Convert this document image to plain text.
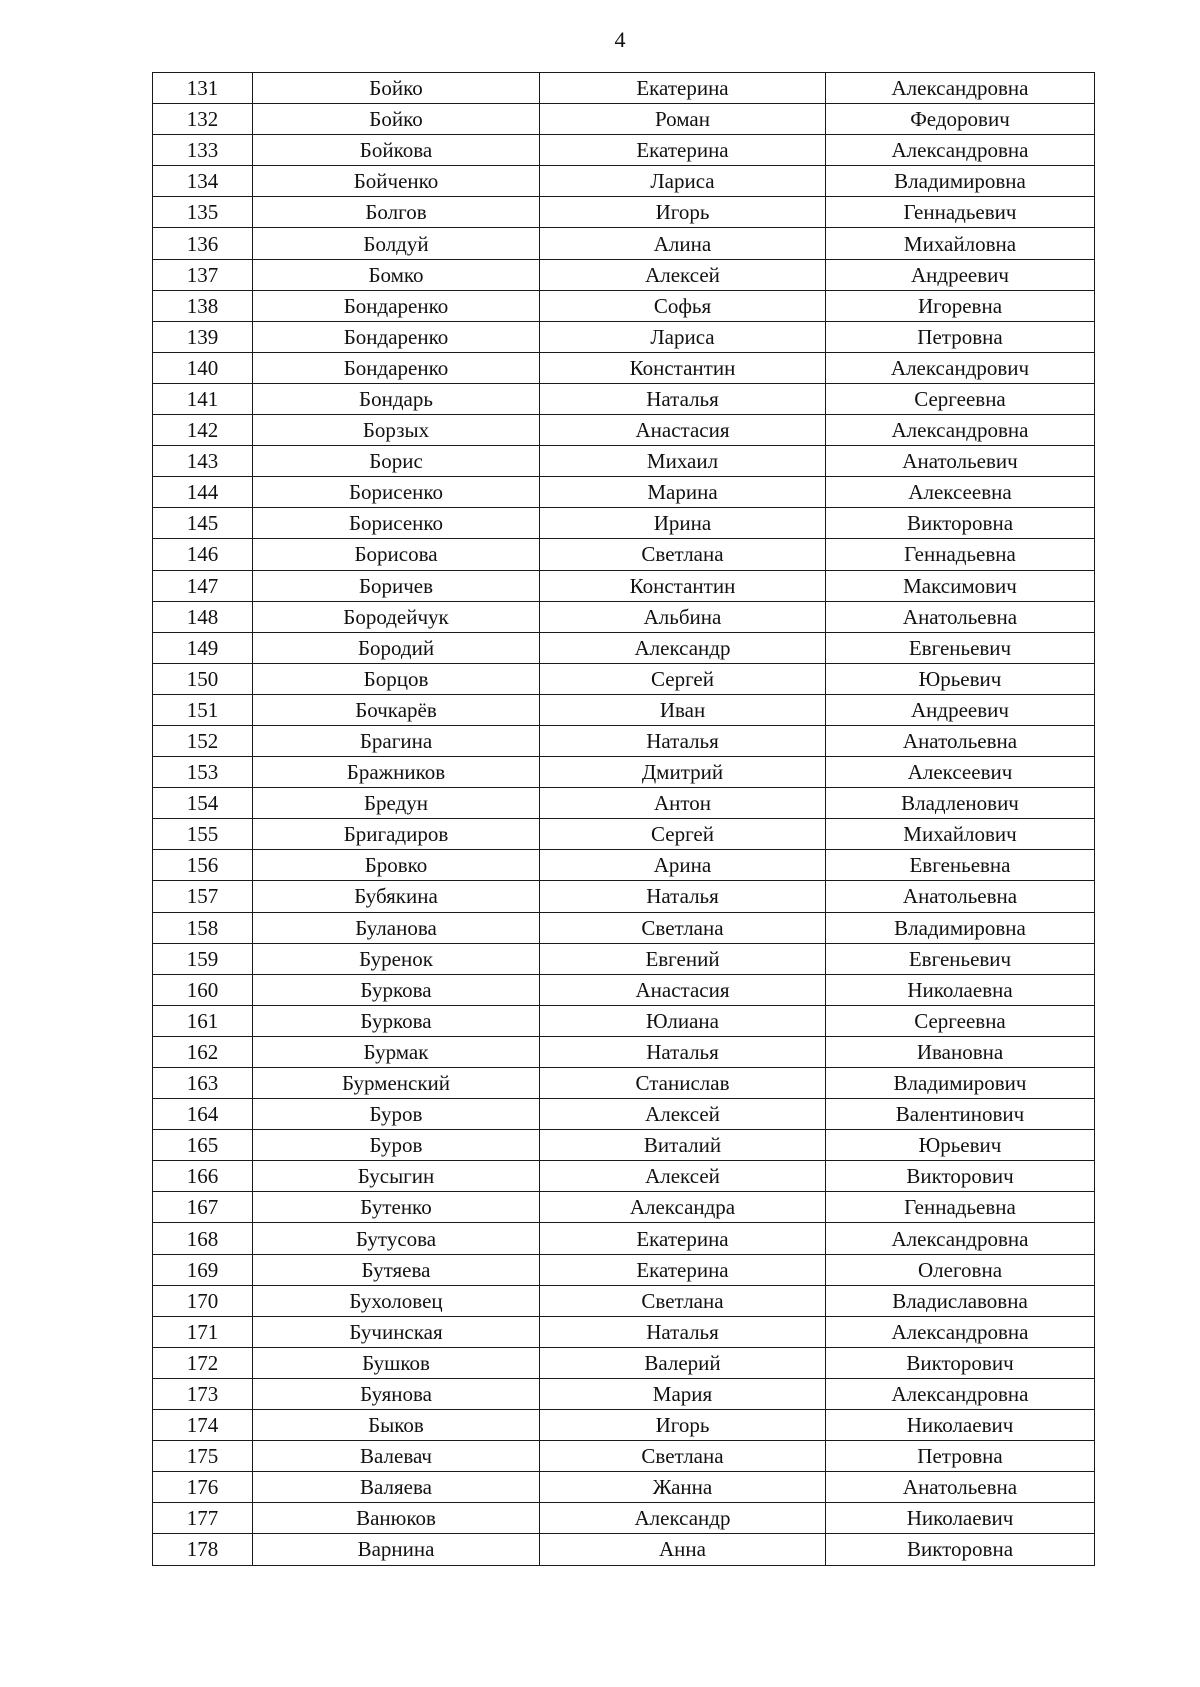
4
131	Бойко	Екатерина	Александровна
132	Бойко	Роман	Федорович
133	Бойкова	Екатерина	Александровна
134	Бойченко	Лариса	Владимировна
135	Болгов	Игорь	Геннадьевич
136	Болдуй	Алина	Михайловна
137	Бомко	Алексей	Андреевич
138	Бондаренко	Софья	Игоревна
139	Бондаренко	Лариса	Петровна
140	Бондаренко	Константин	Александрович
141	Бондарь	Наталья	Сергеевна
142	Борзых	Анастасия	Александровна
143	Борис	Михаил	Анатольевич
144	Борисенко	Марина	Алексеевна
145	Борисенко	Ирина	Викторовна
146	Борисова	Светлана	Геннадьевна
147	Боричев	Константин	Максимович
148	Бородейчук	Альбина	Анатольевна
149	Бородий	Александр	Евгеньевич
150	Борцов	Сергей	Юрьевич
151	Бочкарёв	Иван	Андреевич
152	Брагина	Наталья	Анатольевна
153	Бражников	Дмитрий	Алексеевич
154	Бредун	Антон	Владленович
155	Бригадиров	Сергей	Михайлович
156	Бровко	Арина	Евгеньевна
157	Бубякина	Наталья	Анатольевна
158	Буланова	Светлана	Владимировна
159	Буренок	Евгений	Евгеньевич
160	Буркова	Анастасия	Николаевна
161	Буркова	Юлиана	Сергеевна
162	Бурмак	Наталья	Ивановна
163	Бурменский	Станислав	Владимирович
164	Буров	Алексей	Валентинович
165	Буров	Виталий	Юрьевич
166	Бусыгин	Алексей	Викторович
167	Бутенко	Александра	Геннадьевна
168	Бутусова	Екатерина	Александровна
169	Бутяева	Екатерина	Олеговна
170	Бухоловец	Светлана	Владиславовна
171	Бучинская	Наталья	Александровна
172	Бушков	Валерий	Викторович
173	Буянова	Мария	Александровна
174	Быков	Игорь	Николаевич
175	Валевач	Светлана	Петровна
176	Валяева	Жанна	Анатольевна
177	Ванюков	Александр	Николаевич
178	Варнина	Анна	Викторовна
